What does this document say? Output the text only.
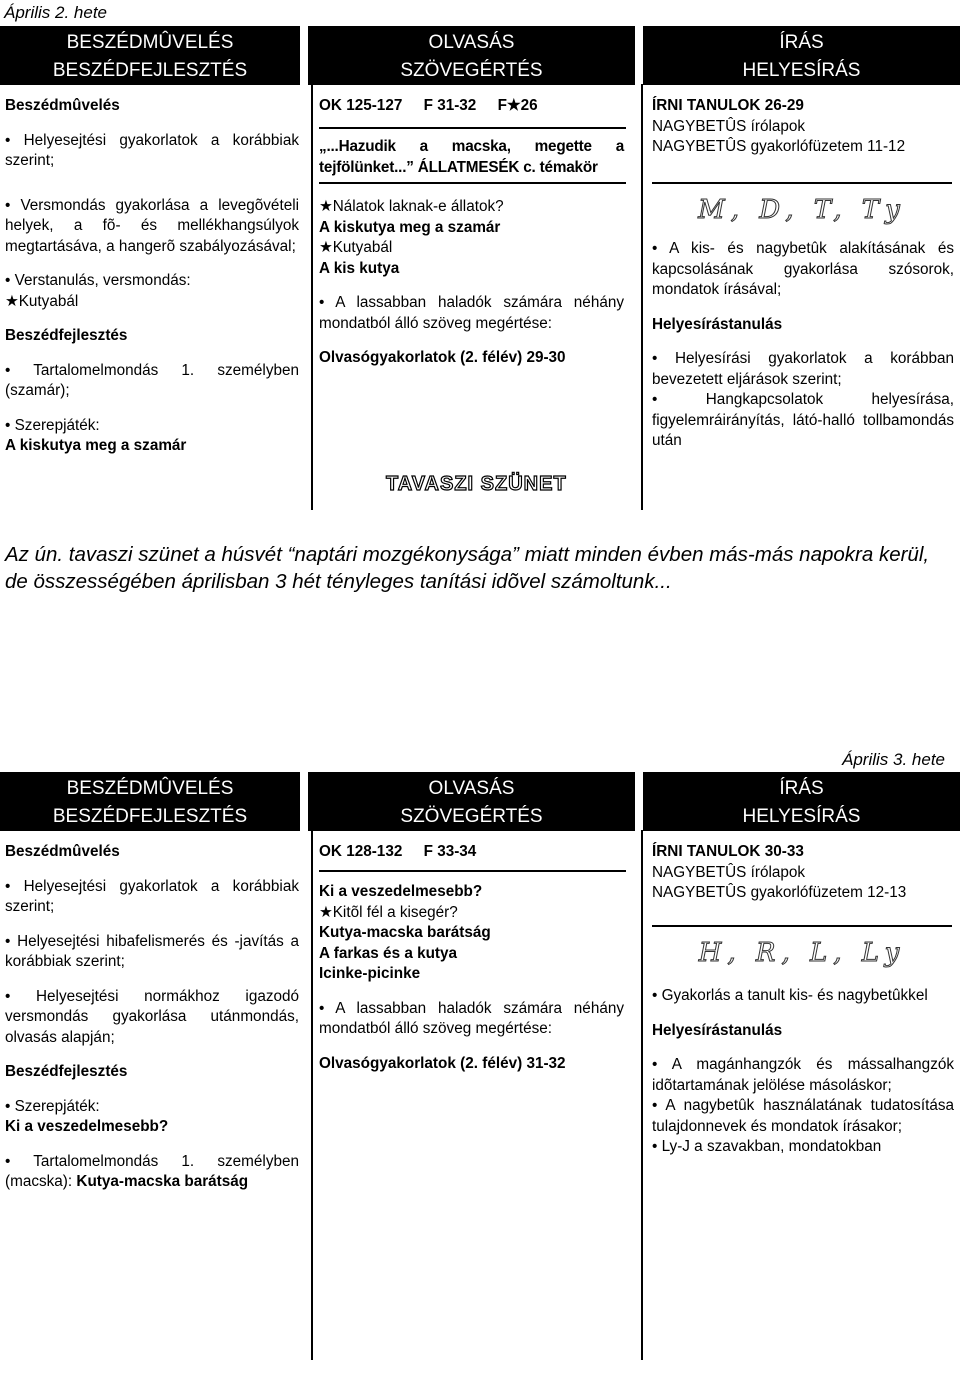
Április 2. hete
BESZÉDMÛVELÉS
BESZÉDFEJLESZTÉS
OLVASÁS
SZÖVEGÉRTÉS
ÍRÁS
HELYESÍRÁS

Beszédmûvelés

• Helyesejtési gyakorlatok a korábbiak szerint;

• Versmondás gyakorlása a levegõvételi helyek, a fõ- és mellékhangsúlyok megtartásáva, a hangerõ szabályozásával;

• Verstanulás, versmondás:

★Kutyabál

Beszédfejlesztés

• Tartalomelmondás 1. személyben (szamár);

• Szerepjáték:

A kiskutya meg a szamár

OK 125-127 F 31-32 F★26

„...Hazudik a macska, megette a tejfölünket...” ÁLLATMESÉK c. témakör

★Nálatok laknak-e állatok?

A kiskutya meg a szamár

★Kutyabál

A kis kutya

• A lassabban haladók számára néhány mondatból álló szöveg megértése:

Olvasógyakorlatok (2. félév) 29-30

TAVASZI SZÜNET

ÍRNI TANULOK 26-29

NAGYBETÛS írólapok

NAGYBETÛS gyakorlófüzetem 11-12

M, D, T, Ty

• A kis- és nagybetûk alakításának és kapcsolásának gyakorlása szósorok, mondatok írásával;

Helyesírástanulás

• Helyesírási gyakorlatok a korábban bevezetett eljárások szerint;

• Hangkapcsolatok helyesírása, figyelemráirányítás, látó-halló tollbamondás után

Az ún. tavaszi szünet a húsvét “naptári mozgékonysága” miatt minden évben más-más napokra kerül, de összességében áprilisban 3 hét tényleges tanítási idõvel számoltunk...
Április 3. hete
BESZÉDMÛVELÉS
BESZÉDFEJLESZTÉS
OLVASÁS
SZÖVEGÉRTÉS
ÍRÁS
HELYESÍRÁS

Beszédmûvelés

• Helyesejtési gyakorlatok a korábbiak szerint;

• Helyesejtési hibafelismerés és -javítás a korábbiak szerint;

• Helyesejtési normákhoz igazodó versmondás gyakorlása utánmondás, olvasás alapján;

Beszédfejlesztés

• Szerepjáték:

Ki a veszedelmesebb?

• Tartalomelmondás 1. személyben (macska): Kutya-macska barátság

OK 128-132 F 33-34

Ki a veszedelmesebb?

★Kitõl fél a kisegér?

Kutya-macska barátság

A farkas és a kutya

Icinke-picinke

• A lassabban haladók számára néhány mondatból álló szöveg megértése:

Olvasógyakorlatok (2. félév) 31-32

ÍRNI TANULOK 30-33

NAGYBETÛS írólapok

NAGYBETÛS gyakorlófüzetem 12-13

H, R, L, Ly

• Gyakorlás a tanult kis- és nagybetûkkel

Helyesírástanulás

• A magánhangzók és mássalhangzók idõtartamának jelölése másoláskor;

• A nagybetûk használatának tudatosítása tulajdonnevek és mondatok írásakor;

• Ly-J a szavakban, mondatokban
